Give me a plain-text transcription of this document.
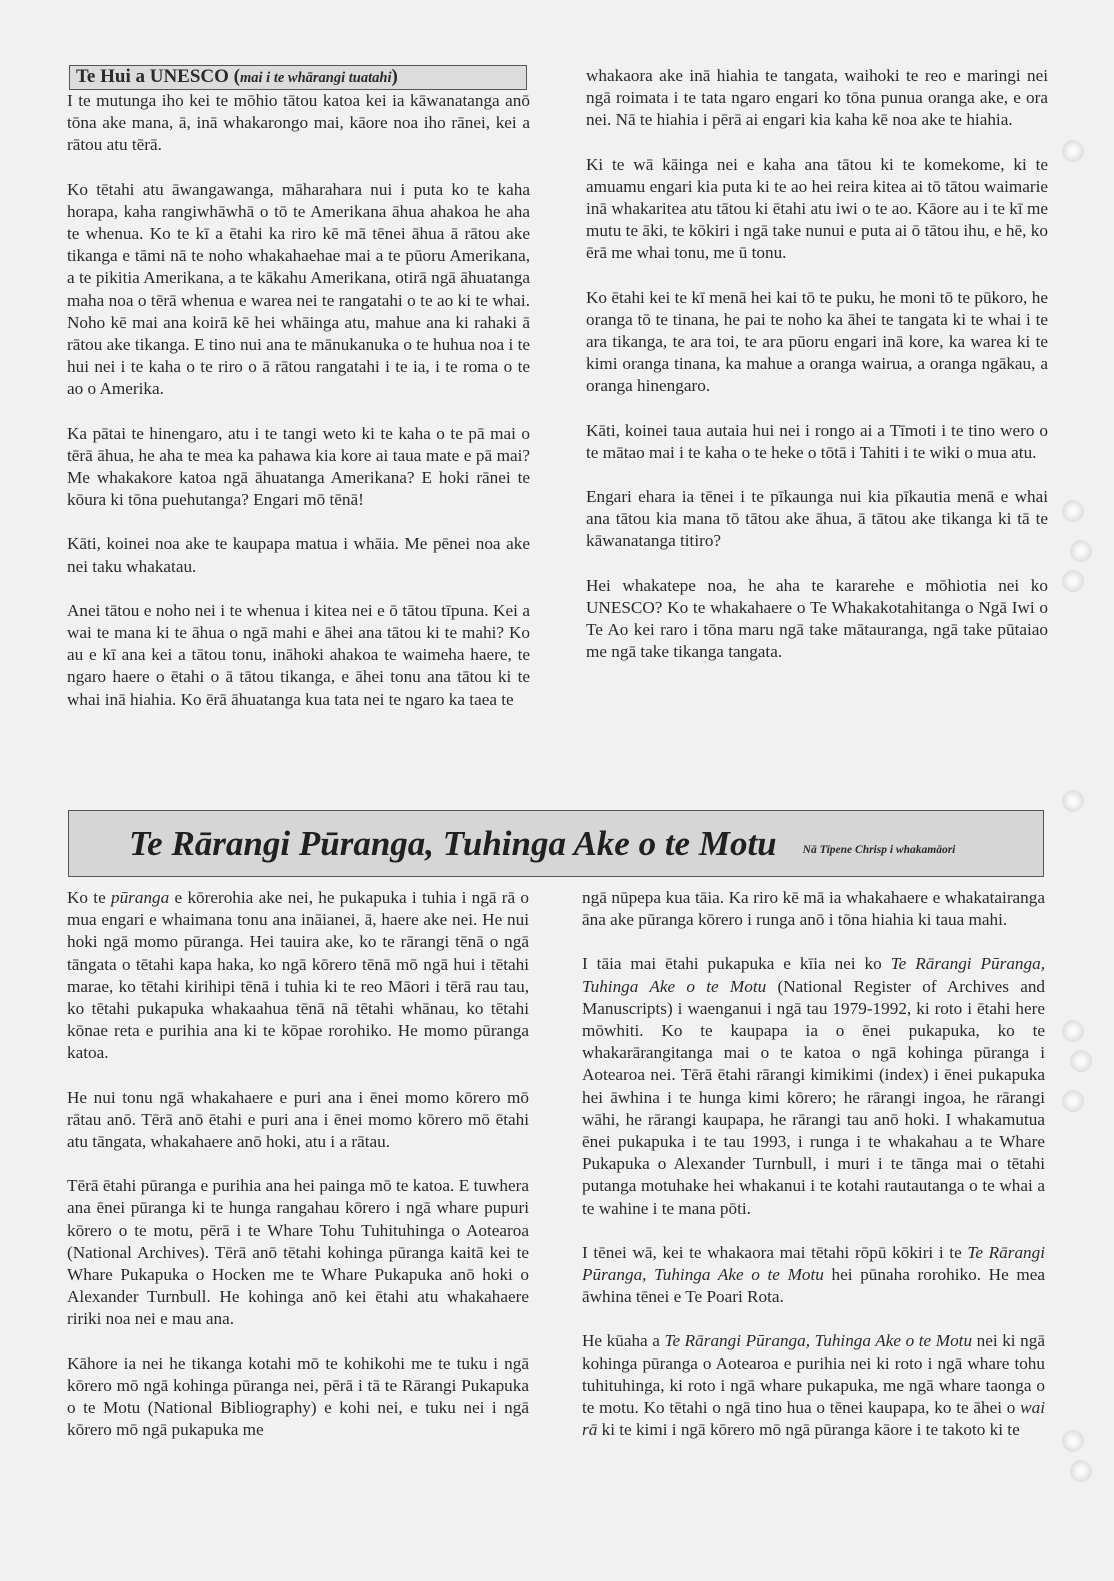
Te Hui a UNESCO (mai i te whārangi tuatahi)

I te mutunga iho kei te mōhio tātou katoa kei ia kāwanatanga anō tōna ake mana, ā, inā whakarongo mai, kāore noa iho rānei, kei a rātou atu tērā.

Ko tētahi atu āwangawanga, māharahara nui i puta ko te kaha horapa, kaha rangiwhāwhā o tō te Amerikana āhua ahakoa he aha te whenua. Ko te kī a ētahi ka riro kē mā tēnei āhua ā rātou ake tikanga e tāmi nā te noho whakahaehae mai a te pūoru Amerikana, a te pikitia Amerikana, a te kākahu Amerikana, otirā ngā āhuatanga maha noa o tērā whenua e warea nei te rangatahi o te ao ki te whai. Noho kē mai ana koirā kē hei whāinga atu, mahue ana ki rahaki ā rātou ake tikanga. E tino nui ana te mānukanuka o te huhua noa i te hui nei i te kaha o te riro o ā rātou rangatahi i te ia, i te roma o te ao o Amerika.

Ka pātai te hinengaro, atu i te tangi weto ki te kaha o te pā mai o tērā āhua, he aha te mea ka pahawa kia kore ai taua mate e pā mai? Me whakakore katoa ngā āhuatanga Amerikana? E hoki rānei te kōura ki tōna puehutanga? Engari mō tēnā!

Kāti, koinei noa ake te kaupapa matua i whāia. Me pēnei noa ake nei taku whakatau.

Anei tātou e noho nei i te whenua i kitea nei e ō tātou tīpuna. Kei a wai te mana ki te āhua o ngā mahi e āhei ana tātou ki te mahi? Ko au e kī ana kei a tātou tonu, ināhoki ahakoa te waimeha haere, te ngaro haere o ētahi o ā tātou tikanga, e āhei tonu ana tātou ki te whai inā hiahia. Ko ērā āhuatanga kua tata nei te ngaro ka taea te

whakaora ake inā hiahia te tangata, waihoki te reo e maringi nei ngā roimata i te tata ngaro engari ko tōna punua oranga ake, e ora nei. Nā te hiahia i pērā ai engari kia kaha kē noa ake te hiahia.

Ki te wā kāinga nei e kaha ana tātou ki te komekome, ki te amuamu engari kia puta ki te ao hei reira kitea ai tō tātou waimarie inā whakaritea atu tātou ki ētahi atu iwi o te ao. Kāore au i te kī me mutu te āki, te kōkiri i ngā take nunui e puta ai ō tātou ihu, e hē, ko ērā me whai tonu, me ū tonu.

Ko ētahi kei te kī menā hei kai tō te puku, he moni tō te pūkoro, he oranga tō te tinana, he pai te noho ka āhei te tangata ki te whai i te ara tikanga, te ara toi, te ara pūoru engari inā kore, ka warea ki te kimi oranga tinana, ka mahue a oranga wairua, a oranga ngākau, a oranga hinengaro.

Kāti, koinei taua autaia hui nei i rongo ai a Tīmoti i te tino wero o te mātao mai i te kaha o te heke o tōtā i Tahiti i te wiki o mua atu.

Engari ehara ia tēnei i te pīkaunga nui kia pīkautia menā e whai ana tātou kia mana tō tātou ake āhua, ā tātou ake tikanga ki tā te kāwanatanga titiro?

Hei whakatepe noa, he aha te kararehe e mōhiotia nei ko UNESCO? Ko te whakahaere o Te Whakakotahitanga o Ngā Iwi o Te Ao kei raro i tōna maru ngā take mātauranga, ngā take pūtaiao me ngā take tikanga tangata.

Te Rārangi Pūranga, Tuhinga Ake o te Motu Nā Tīpene Chrisp i whakamāori

Ko te pūranga e kōrerohia ake nei, he pukapuka i tuhia i ngā rā o mua engari e whaimana tonu ana ināianei, ā, haere ake nei. He nui hoki ngā momo pūranga. Hei tauira ake, ko te rārangi tēnā o ngā tāngata o tētahi kapa haka, ko ngā kōrero tēnā mō ngā hui i tētahi marae, ko tētahi kirihipi tēnā i tuhia ki te reo Māori i tērā rau tau, ko tētahi pukapuka whakaahua tēnā nā tētahi whānau, ko tētahi kōnae reta e purihia ana ki te kōpae rorohiko. He momo pūranga katoa.

He nui tonu ngā whakahaere e puri ana i ēnei momo kōrero mō rātau anō. Tērā anō ētahi e puri ana i ēnei momo kōrero mō ētahi atu tāngata, whakahaere anō hoki, atu i a rātau.

Tērā ētahi pūranga e purihia ana hei painga mō te katoa. E tuwhera ana ēnei pūranga ki te hunga rangahau kōrero i ngā whare pupuri kōrero o te motu, pērā i te Whare Tohu Tuhituhinga o Aotearoa (National Archives). Tērā anō tētahi kohinga pūranga kaitā kei te Whare Pukapuka o Hocken me te Whare Pukapuka anō hoki o Alexander Turnbull. He kohinga anō kei ētahi atu whakahaere ririki noa nei e mau ana.

Kāhore ia nei he tikanga kotahi mō te kohikohi me te tuku i ngā kōrero mō ngā kohinga pūranga nei, pērā i tā te Rārangi Pukapuka o te Motu (National Bibliography) e kohi nei, e tuku nei i ngā kōrero mō ngā pukapuka me

ngā nūpepa kua tāia. Ka riro kē mā ia whakahaere e whakatairanga āna ake pūranga kōrero i runga anō i tōna hiahia ki taua mahi.

I tāia mai ētahi pukapuka e kīia nei ko Te Rārangi Pūranga, Tuhinga Ake o te Motu (National Register of Archives and Manuscripts) i waenganui i ngā tau 1979-1992, ki roto i ētahi here mōwhiti. Ko te kaupapa ia o ēnei pukapuka, ko te whakarārangitanga mai o te katoa o ngā kohinga pūranga i Aotearoa nei. Tērā ētahi rārangi kimikimi (index) i ēnei pukapuka hei āwhina i te hunga kimi kōrero; he rārangi ingoa, he rārangi wāhi, he rārangi kaupapa, he rārangi tau anō hoki. I whakamutua ēnei pukapuka i te tau 1993, i runga i te whakahau a te Whare Pukapuka o Alexander Turnbull, i muri i te tānga mai o tētahi putanga motuhake hei whakanui i te kotahi rautautanga o te whai a te wahine i te mana pōti.

I tēnei wā, kei te whakaora mai tētahi rōpū kōkiri i te Te Rārangi Pūranga, Tuhinga Ake o te Motu hei pūnaha rorohiko. He mea āwhina tēnei e Te Poari Rota.

He kūaha a Te Rārangi Pūranga, Tuhinga Ake o te Motu nei ki ngā kohinga pūranga o Aotearoa e purihia nei ki roto i ngā whare tohu tuhituhinga, ki roto i ngā whare pukapuka, me ngā whare taonga o te motu. Ko tētahi o ngā tino hua o tēnei kaupapa, ko te āhei o wai rā ki te kimi i ngā kōrero mō ngā pūranga kāore i te takoto ki te
